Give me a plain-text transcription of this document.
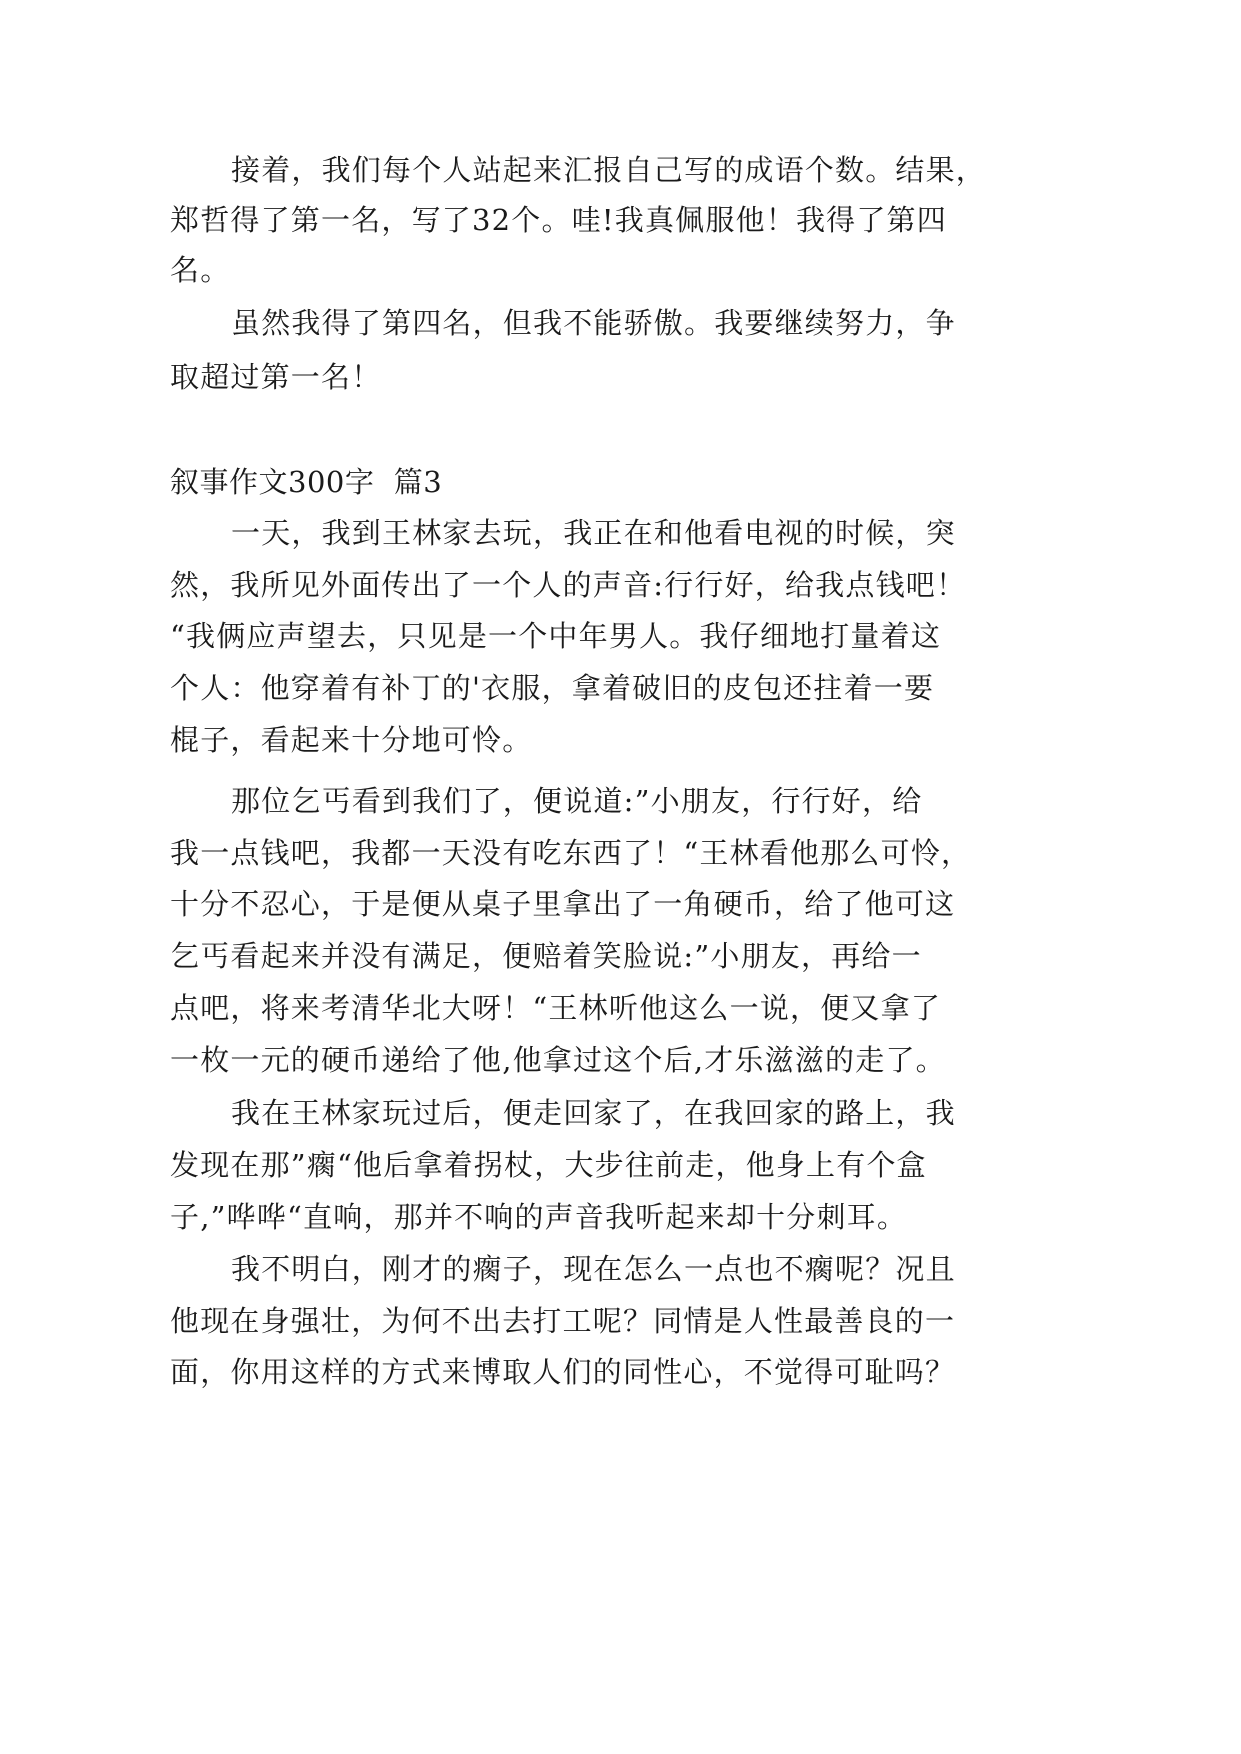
接着，我们每个人站起来汇报自己写的成语个数。结果，

郑哲得了第一名，写了32个。哇!我真佩服他！我得了第四

名。

虽然我得了第四名，但我不能骄傲。我要继续努力，争

取超过第一名！

叙事作文300字  篇3

一天，我到王林家去玩，我正在和他看电视的时候，突

然，我所见外面传出了一个人的声音:行行好，给我点钱吧！

“我俩应声望去，只见是一个中年男人。我仔细地打量着这

个人：他穿着有补丁的'衣服，拿着破旧的皮包还拄着一要

棍子，看起来十分地可怜。

那位乞丐看到我们了，便说道:”小朋友，行行好，给

我一点钱吧，我都一天没有吃东西了！“王林看他那么可怜，

十分不忍心，于是便从桌子里拿出了一角硬币，给了他可这

乞丐看起来并没有满足，便赔着笑脸说:”小朋友，再给一

点吧，将来考清华北大呀！“王林听他这么一说，便又拿了

一枚一元的硬币递给了他,他拿过这个后,才乐滋滋的走了。

我在王林家玩过后，便走回家了，在我回家的路上，我

发现在那”瘸“他后拿着拐杖，大步往前走，他身上有个盒

子,”哗哗“直响，那并不响的声音我听起来却十分刺耳。

我不明白，刚才的瘸子，现在怎么一点也不瘸呢？况且

他现在身强壮，为何不出去打工呢？同情是人性最善良的一

面，你用这样的方式来博取人们的同性心，不觉得可耻吗？
